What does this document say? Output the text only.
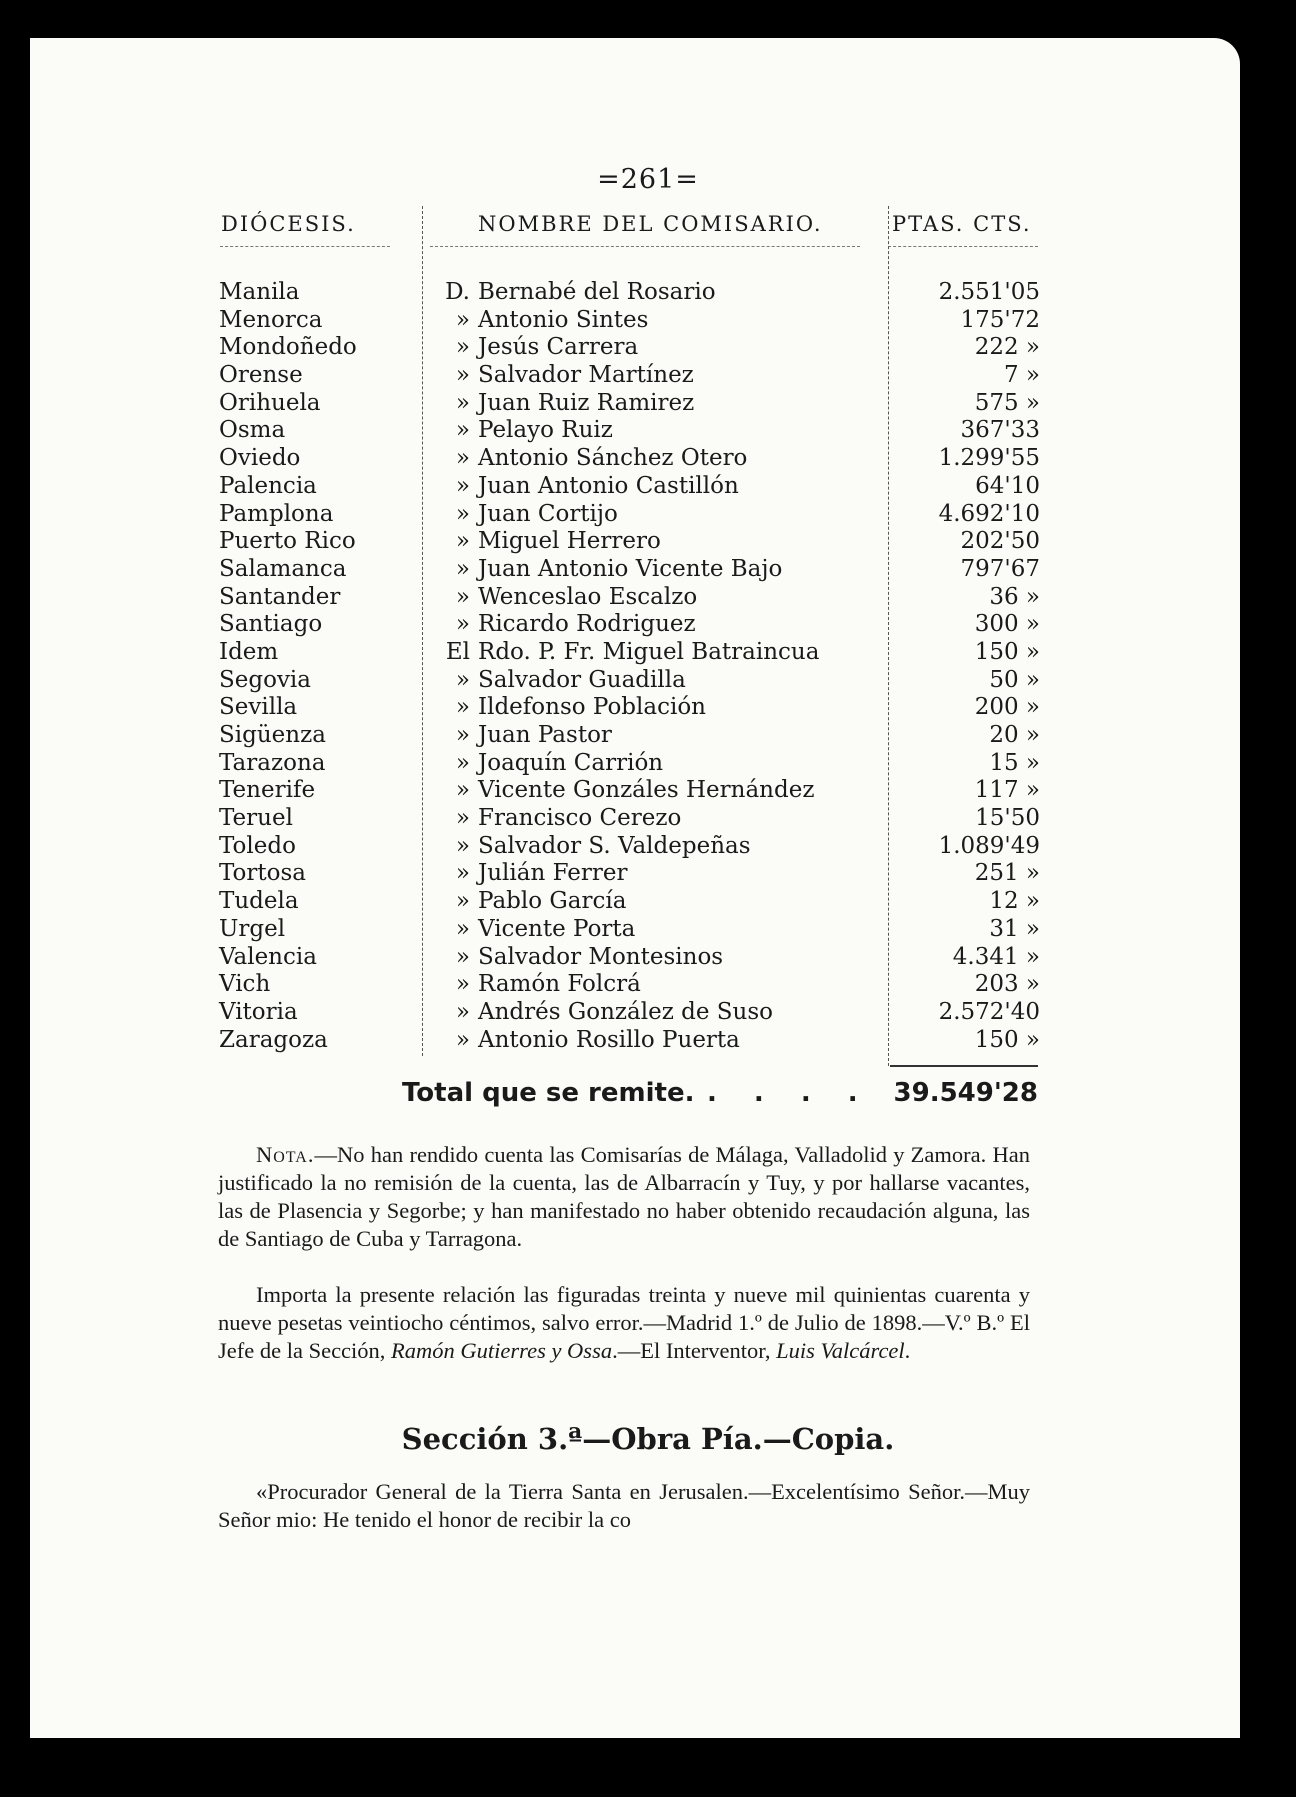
=261=
DIÓCESIS.	NOMBRE DEL COMISARIO.	PTAS. CTS.
Manila	D. Bernabé del Rosario	2.551'05
Menorca	» Antonio Sintes	175'72
Mondoñedo	» Jesús Carrera	222 »
Orense	» Salvador Martínez	7 »
Orihuela	» Juan Ruiz Ramirez	575 »
Osma	» Pelayo Ruiz	367'33
Oviedo	» Antonio Sánchez Otero	1.299'55
Palencia	» Juan Antonio Castillón	64'10
Pamplona	» Juan Cortijo	4.692'10
Puerto Rico	» Miguel Herrero	202'50
Salamanca	» Juan Antonio Vicente Bajo	797'67
Santander	» Wenceslao Escalzo	36 »
Santiago	» Ricardo Rodriguez	300 »
Idem	El Rdo. P. Fr. Miguel Batraincua	150 »
Segovia	» Salvador Guadilla	50 »
Sevilla	» Ildefonso Población	200 »
Sigüenza	» Juan Pastor	20 »
Tarazona	» Joaquín Carrión	15 »
Tenerife	» Vicente Gonzáles Hernández	117 »
Teruel	» Francisco Cerezo	15'50
Toledo	» Salvador S. Valdepeñas	1.089'49
Tortosa	» Julián Ferrer	251 »
Tudela	» Pablo García	12 »
Urgel	» Vicente Porta	31 »
Valencia	» Salvador Montesinos	4.341 »
Vich	» Ramón Folcrá	203 »
Vitoria	» Andrés González de Suso	2.572'40
Zaragoza	» Antonio Rosillo Puerta	150 »
Total que se remite. . . . . 39.549'28
Nota.—No han rendido cuenta las Comisarías de Málaga, Valladolid y Zamora. Han justificado la no remisión de la cuenta, las de Albarracín y Tuy, y por hallarse vacantes, las de Plasencia y Segorbe; y han manifestado no haber obtenido recaudación alguna, las de Santiago de Cuba y Tarragona.
Importa la presente relación las figuradas treinta y nueve mil quinientas cuarenta y nueve pesetas veintiocho céntimos, salvo error.—Madrid 1.º de Julio de 1898.—V.º B.º El Jefe de la Sección, Ramón Gutierres y Ossa.—El Interventor, Luis Valcárcel.
Sección 3.ª—Obra Pía.—Copia.
«Procurador General de la Tierra Santa en Jerusalen.—Excelentísimo Señor.—Muy Señor mio: He tenido el honor de recibir la co
